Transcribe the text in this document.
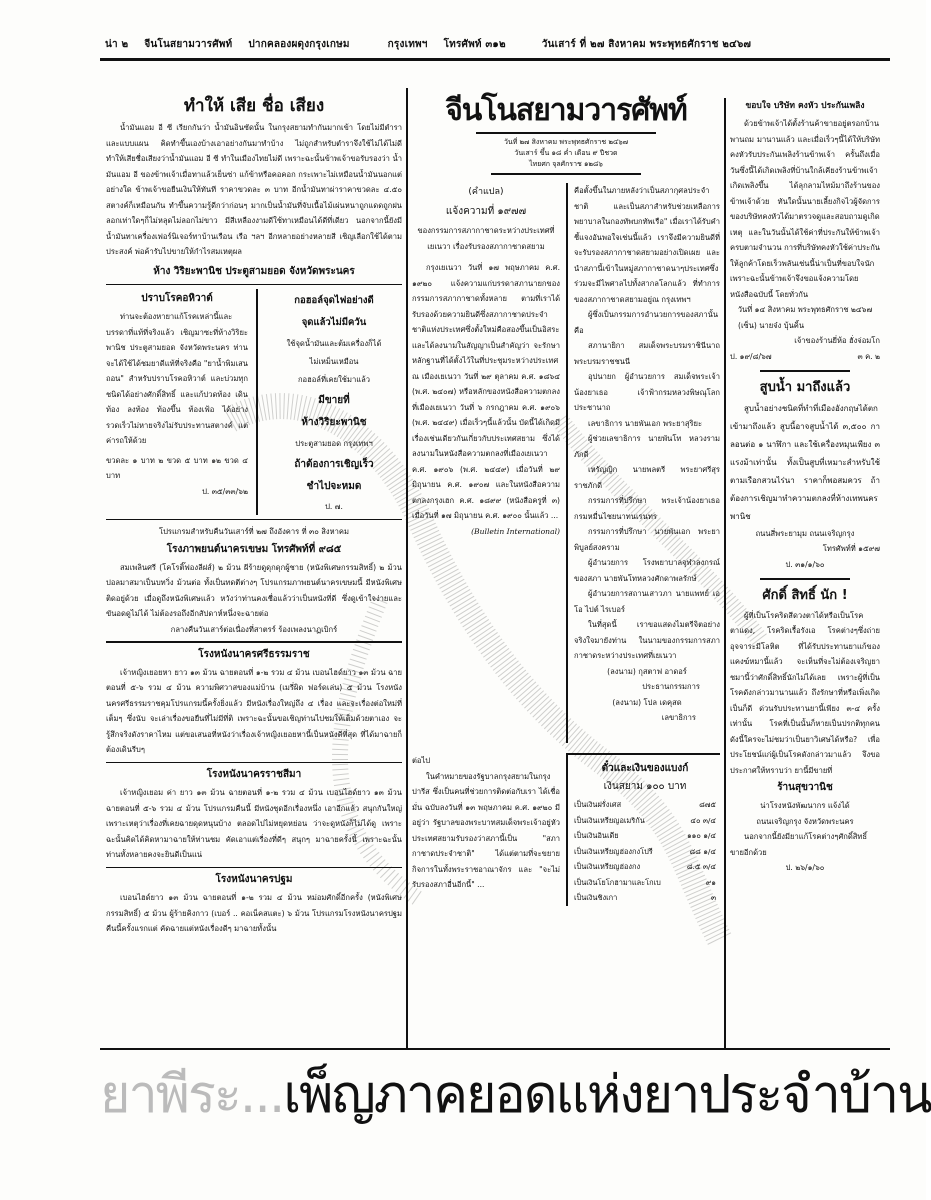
น่า ๒ จีนโนสยามวารศัพท์ ปากคลองผดุงกรุงเกษม	กรุงเทพฯ โทรศัพท์ ๓๑๒	วันเสาร์ ที่ ๒๗ สิงหาคม พระพุทธศักราช ๒๔๖๗
ทำให้ เสีย ชื่อ เสียง

น้ำมันแอม อี ซี เรียกกันว่า น้ำมันอินซัดนั้น ในกรุงสยามทำกันมากเข้า โดยไม่มีตำรา และแบบแผน คิดทำขึ้นเองบ้างเอาอย่างกันมาทำบ้าง ไม่ถูกสำหรับตำราจึงใช้ไม่ได้ไม่ดี ทำให้เสียชื่อเสียงว่าน้ำมันแอม อี ซี ทำในเมืองไทยไม่ดี เพราะฉะนั้นข้าพเจ้าขอรับรองว่า น้ำมันแอม อี ของข้าพเจ้าเมื่อทาแล้วเย็นซ่า แก้ข้าหรือคอคอก กระเพาะไม่เหมือนน้ำมันนอกแต่อย่างใด ข้าพเจ้าขอยืนเงินให้ทันที ราคาขวดละ ๓ บาท อีกน้ำมันทาผ่าราคาขวดละ ๔.๕๐ สตางค์ก็เหมือนกัน ทำขึ้นความรู้ดีกว่าก่อนๆ มากเป็นน้ำมันที่จับเนื้อไม้เผ่นหนาถูกแดดถูกฝนลอกเท่าใดๆก็ไม่หลุดไม่ลอกไม่ขาว มีสีเหลืองงามดีใช้ทาเหมือนได้ดีที่เดียว นอกจากนี้ยังมีน้ำมันทาเครื่องเฟอร์นิเจอร์ทาบ้านเรือน เรือ ฯลฯ อีกหลายอย่างหลายสี เชิญเลือกใช้ได้ตามประสงค์ พ่อค้ารับไปขายให้กำไรสมเหตุผล

ห้าง วิริยะพานิช ประตูสามยอด จังหวัดพระนคร
ปราบโรคอหิวาต์

ท่านจะต้องหายาแก้โรคเหล่านี้และบรรดาที่แท้ที่จริงแล้ว เชิญมาซะที่ห้างวิริยะพานิช ประตูสามยอด จังหวัดพระนคร ท่านจะได้ใช้ได้ชมยาดีแท้ที่จริงคือ "ยาน้ำพิมเสนถอน" สำหรับปราบโรคอหิวาต์ และบ่วมทุกชนิดได้อย่างศักดิ์สิทธิ์ และแก้ปวดท้อง เดินท้อง ลงท้อง ท้องขึ้น ท้องเฟ้อ ได้อย่างรวดเร็วไม่หายจริงไม่รับประทานสตางค์ แต่ค่ารถให้ด้วย

ขวดละ ๑ บาท ๒ ขวด ๕ บาท ๑๒ ขวด ๔ บาท

ป. ๓๕/๓๓/๖๒
กอฮอล์จุดไฟอย่างดี
จุดแล้วไม่มีควัน
ใช้จุดน้ำมันและต้มเครื่องก็ได้
ไม่เหม็นเหมือน
กอฮอล์ที่เคยใช้มาแล้ว
มีขายที่
ห้างวิริยะพานิช
ประตูสามยอด กรุงเทพฯ
ถ้าต้องการเชิญเร็ว
ชำไปจะหมด
ป. ๗.
โปรแกรมสำหรับคืนวันเสาร์ที่ ๒๗ ถึงอังคาร ที่ ๓๐ สิงหาคม
โรงภาพยนต์นาครเขษม โทรศัพท์ที่ ๙๘๕

สมเพลินศรี (โคโรติ๊ฟองลีฝส์) ๒ ม้วน ผีร้ายดูดุกดุกผู้ชาย (หนังพิเศษกรรมสิทธิ์) ๒ ม้วน ปอลมาสมาเป็นบทวิ่ง ม้วนต่อ ทั้งเป็นทดตีต่างๆ โปรแกรมภาพยนต์นาครเขษมนี้ มีหนังพิเศษติดอยู่ด้วย เมื่อดูถึงหนังพิเศษแล้ว หวังว่าท่านคงเชื่อแล้วว่าเป็นหนังที่ดี ซึ่งดูเข้าใจง่ายและขันอดดูไม่ได้ ไม่ต้องรอถึงอีกสัปดาห์หนึ่งจะฉายต่อ

กลางคืนวันเสาร์ต่อเนื่องที่สาตรร์ ร้องเพลงนาฏเบิกร์
โรงหนังนาครศรีธรรมราช

เจ้าหญิงเยอยหา ยาว ๑๓ ม้วน ฉายตอนที่ ๑-๒ รวม ๔ ม้วน เบอนไฮด์ยาว ๑๓ ม้วน ฉายตอนที่ ๕-๖ รวม ๔ ม้วน ความพิศวาสของแม่บ้าน (เมรี่ผิด ฟอร์ดเล่น) ๕ ม้วน โรงหนังนครศรีธรรมราชคุมโปรแกรมนี้ครั้งยิ่งแล้ว มีหนังเรื่องใหญ่ถึง ๔ เรื่อง และจะเรื่องต่อใหม่ที่เต็มๆ ซึ่งนับ จะเล่าเรื่องขอยืนที่ไม่มีที่ติ เพราะฉะนั้นขอเชิญท่านไปชมให้เต็มด้วยตาเอง จะรู้สึกจริงดังราคาไหม แต่ขอเสนอที่หนังว่าเรื่องเจ้าหญิงเยอยหานี้เป็นหนังดีที่สุด ที่ได้มาฉายก็ต้องเดินรีบๆ

โรงหนังนาครราชสีมา

เจ้าหญิงเยอม ค่า ยาว ๑๓ ม้วน ฉายตอนที่ ๑-๒ รวม ๔ ม้วน เบอนไฮด์ยาว ๑๓ ม้วน ฉายตอนที่ ๕-๖ รวม ๔ ม้วน โปรแกรมคืนนี้ มีหนังชุดอีกเรื่องหนึ่ง เอาอีกแล้ว สนุกกันใหญ่ เพราะเหตุว่าเรื่องที่เคยฉายดุดหนุนบ้าง ตลอดไปไม่หยุดหย่อน ว่าจะดูหนังก็ไม่ได้ดู เพราะฉะนั้นคิดได้คิดหามาฉายให้ท่านชม คัดเอาแต่เรื่องที่ดีๆ สนุกๆ มาฉายครั้งนี้ เพราะฉะนั้นท่านทั้งหลายคงจะยินดีเป็นแน่

โรงหนังนาครปฐม

เบอนไฮด์ยาว ๑๓ ม้วน ฉายตอนที่ ๑-๒ รวม ๔ ม้วน หม่อมศักดิ์อีกครั้ง (หนังพิเศษกรรมสิทธิ์) ๕ ม้วน ผู้ร้ายคิงกาว (เบอร์ .. คอเน็คสแตะ) ๖ ม้วน โปรแกรมโรงหนังนาครปฐมคืนนี้ครั้งแรกแต่ คัดฉายแต่หนังเรื่องดีๆ มาฉายทั้งนั้น

จีนโนสยามวารศัพท์
วันที่ ๒๗ สิงหาคม พระพุทธศักราช ๒๔๖๗
วันเสาร์ ขึ้น ๑๘ ค่ำ เดือน ๙ ปีชวด
ไทยศก จุลศักราช ๑๒๘๖
(คำแปล)
แจ้งความที่ ๑๙๗๗
ของกรรมการสภากาชาดระหว่างประเทศที่เยเนวา เรื่องรับรองสภากาชาดสยาม

กรุงเยเนวา วันที่ ๑๗ พฤษภาคม ค.ศ. ๑๙๒๐ แจ้งความแก่บรรดาสภานายกของกรรมการสภากาชาดทั้งหลาย ตามที่เราได้รับรองด้วยความยินดีซึ่งสภากาชาดประจำชาติแห่งประเทศซึ่งตั้งใหม่คือสองขึ้นเป็นอิสระ และได้ลงนามในสัญญาเป็นสำคัญว่า จะรักษาหลักฐานที่ได้ตั้งไว้ในที่ประชุมระหว่างประเทศ ณ เมืองเยเนวา วันที่ ๒๙ ตุลาคม ค.ศ. ๑๘๖๔ (พ.ศ. ๒๔๐๗) หรือหลักของหนังสือความตกลงที่เมืองเยเนวา วันที่ ๖ กรกฎาคม ค.ศ. ๑๙๐๖ (พ.ศ. ๒๔๔๙) เมื่อเร็วๆนี้แล้วนั้น บัดนี้ได้เกิดมีเรื่องเช่นเดียวกันเกี่ยวกับประเทศสยาม ซึ่งได้ลงนามในหนังสือความตกลงที่เมืองเยเนวา ค.ศ. ๑๙๐๖ (พ.ศ. ๒๔๔๙) เมื่อวันที่ ๒๙ มิถุนายน ค.ศ. ๑๙๐๗ และในหนังสือความตกลงกรุงเฮก ค.ศ. ๑๘๙๙ (หนังสือครูที่ ๓) เมื่อวันที่ ๑๗ มิถุนายน ค.ศ. ๑๙๐๐ นั้นแล้ว ...

(Bulletin International)

คือตั้งขึ้นในภายหลังว่าเป็นสภากุศลประจำชาติ และเป็นสภาสำหรับช่วยเหลือการพยาบาลในกองทัพบกทัพเรือ" เมื่อเราได้รับคำชี้แจงอันพอใจเช่นนี้แล้ว เราจึงมีความยินดีที่จะรับรองสภากาชาดสยามอย่างเปิดเผย และนำสภานี้เข้าในหมู่สภากาชาดนาๆประเทศซึ่งร่วมจะมีไพศาลไปทั้งสากลโลกแล้ว ที่ทำการของสภากาชาดสยามอยู่ณ กรุงเทพฯ

ผู้ซึ่งเป็นกรรมการอำนวยการของสภานั้น คือ

สภานายิกา สมเด็จพระบรมราชินีนาถ พระบรมราชชนนี

อุปนายก ผู้อำนวยการ สมเด็จพระเจ้าน้องยาเธอ เจ้าฟ้ากรมหลวงพิษณุโลกประชานาถ

เลขาธิการ นายพันเอก พระยาสุริยะ

ผู้ช่วยเลขาธิการ นายพันโท หลวงรามภักดี

เหรัญญิก นายพลตรี พระยาศรีสุรราชภักดี

กรรมการที่ปรึกษา พระเจ้าน้องยาเธอ กรมหมื่นไชยนาทนเรนทร

กรรมการที่ปรึกษา นายพันเอก พระยาพิบูลย์สงคราม

ผู้อำนวยการ โรงพยาบาลจุฬาลงกรณ์ของสภา นายพันโทหลวงศักดาพลรักษ์

ผู้อำนวยการสถานเสาวภา นายแพทย์ เอ โอ ไปต์ ไรเบอร์

ในที่สุดนี้ เราขอแสดงไมตรีจิตอย่างจริงใจมายังท่าน ในนามของกรรมการสภากาชาดระหว่างประเทศที่เยเนวา

(ลงนาม) กุสตาฟ อาดอร์
ประธานกรรมการ
(ลงนาม) โปล เดคุสด
เลขาธิการ
ต่อไป

ในคำหมายของรัฐบาลกรุงสยามในกรุงปารีส ซึ่งเป็นคนที่ช่วยการติดต่อกับเรา ได้เชื่อมั่น ฉบับลงวันที่ ๑๓ พฤษภาคม ค.ศ. ๑๙๒๐ มีอยู่ว่า รัฐบาลของพระบาทสมเด็จพระเจ้าอยู่หัวประเทศสยามรับรองว่าสภานี้เป็น "สภากาชาดประจำชาติ" ได้แต่ตามที่จะขยายกิจการในทั้งพระราชอาณาจักร และ "จะไม่รับรองสภาอื่นอีกนี้" ...

ตั๋วและเงินของแบงก์
เงินสยาม ๑๐๐ บาท
เป็นเงินฝรั่งเศส	๘๗๕
เป็นเงินเหรียญอเมริกัน	๔๐ ๓/๔
เป็นเงินอินเดีย	๑๑๐ ๑/๔
เป็นเงินเหรียญฮ่องกงโปรี	๘๘ ๑/๔
เป็นเงินเหรียญฮ่องกง	๘.๕ ๓/๔
เป็นเงินโยโกฮามาและโกเบ	๙๑
เป็นเงินชิงเกา	๓
ขอบใจ บริษัท คงหัว ประกันเพลิง

ด้วยข้าพเจ้าได้ตั้งร้านค้าขายอยู่ตรอกบ้านพานถม มานานแล้ว และเมื่อเร็วๆนี้ได้ให้บริษัทคงหัวรับประกันเพลิงร้านข้าพเจ้า ครั้นถึงเมื่อวันซึ่งนี้ได้เกิดเพลิงที่บ้านใกล้เคียงร้านข้าพเจ้าเกิดเพลิงขึ้น ได้ลุกลามไหม้มาถึงร้านของข้าพเจ้าด้วย ทันใดนั้นนายเลี้ยงกิจไวผู้จัดการของบริษัทคงหัวได้มาตรวจดูและสอบถามดูเกิดเหตุ และในวันนั้นได้ใช้ค่าที่ประกันให้ข้าพเจ้าครบตามจำนวน การที่บริษัทคงหัวใช้ค่าประกันให้ลูกค้าโดยเร็วพลันเช่นนี้น่าเป็นที่ขอบใจนัก เพราะฉะนั้นข้าพเจ้าจึงขอแจ้งความโดยหนังสือฉบับนี้ โดยทั่วกัน

วันที่ ๑๔ สิงหาคม พระพุทธศักราช ๒๔๖๗
(เซ็น) นายจ๋ง บุ้นคิ้น
เจ้าของร้านยี่ห้อ ฮั่งจ่อมโก
ป. ๑๙/๘/๖๗	๓ ค. ๒
สูบน้ำ มาถึงแล้ว

สูบน้ำอย่างชนิดที่ทำที่เมืองอังกฤษได้ตกเข้ามาถึงแล้ว สูบนี้อาจสูบน้ำได้ ๓,๕๐๐ กาลอนต่อ ๑ นาฬิกา และใช้เครื่องหมุนเพียง ๓ แรงม้าเท่านั้น ทั้งเป็นสูบที่เหมาะสำหรับใช้ตามเรือกสวนไร่นา ราคาก็พอสมควร ถ้าต้องการเชิญมาทำความตกลงที่ห้างเทพนครพานิช

ถนนสี่พระยามุม ถนนเจริญกรุง
โทรศัพท์ที่ ๑๕๙๗
ป. ๓๑/๑/๖๐
ศักดิ์ สิทธิ์ นัก !

ผู้ที่เป็นโรคริดสีดวงตาได้หรือเป็นโรคตาแดง, โรคริดเรื้อรังเอ โรคต่างๆซึ่งถ่ายอุจจาระมีโลหิต ที่ได้รับประทานยาแก้ของแคงฆ์หมานี้แล้ว จะเห็นที่จะไม่ต้องเจริญยาชมานี้ว่าศักดิ์สิทธิ์นักไม่ได้เลย เพราะผู้ที่เป็นโรคดังกล่าวมานานแล้ว ถึงรักษาที่หรือเพิ่งเกิดเป็นก็ดี ด่วนรับประทานยานี้เพียง ๓-๔ ครั้งเท่านั้น โรคที่เป็นนั้นก็หายเป็นปรกติทุกคน ดังนี้ใครจะไม่ชมว่าเป็นยาวิเศษได้หรือ? เพื่อประโยชน์แก่ผู้เป็นโรคดังกล่าวมาแล้ว จึงขอประกาศให้ทราบว่า ยานี้มีขายที่

ร้านสุขวานิช
น่าโรงหนังพัฒนากร แจ้งได้
ถนนเจริญกรุง จังหวัดพระนคร

นอกจากนี้ยังมียาแก้โรคต่างๆศักดิ์สิทธิ์ขายอีกด้วย

ป. ๒๖/๑/๖๐
ยาพีระ...เพ็ญภาคยอดแห่งยาประจำบ้าน
